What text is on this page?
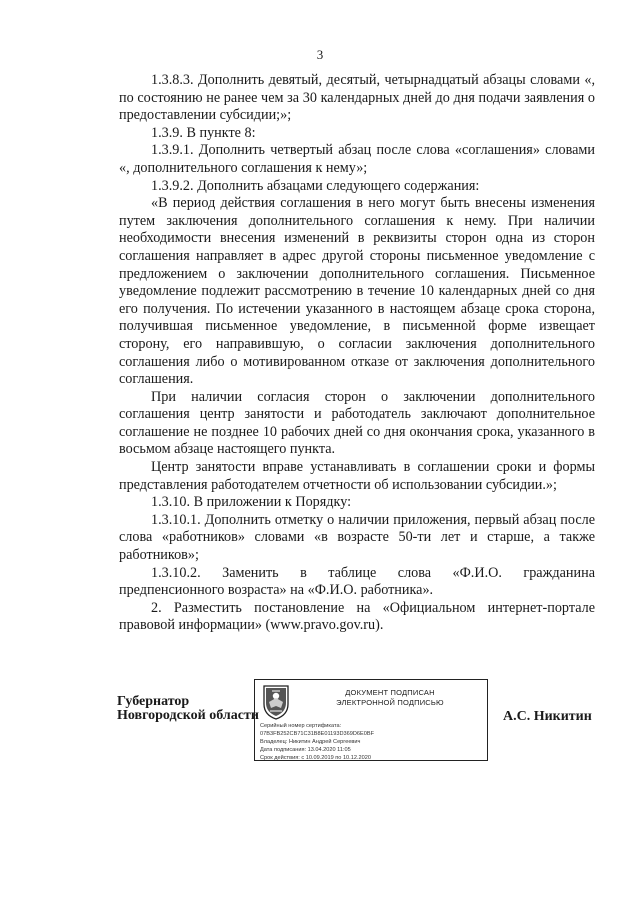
3

1.3.8.3. Дополнить девятый, десятый, четырнадцатый абзацы словами «, по состоянию не ранее чем за 30 календарных дней до дня подачи заявления о предоставлении субсидии;»;

1.3.9. В пункте 8:

1.3.9.1. Дополнить четвертый абзац после слова «соглашения» словами «, дополнительного соглашения к нему»;

1.3.9.2. Дополнить абзацами следующего содержания:

«В период действия соглашения в него могут быть внесены изменения путем заключения дополнительного соглашения к нему. При наличии необходимости внесения изменений в реквизиты сторон одна из сторон соглашения направляет в адрес другой стороны письменное уведомление с предложением о заключении дополнительного соглашения. Письменное уведомление подлежит рассмотрению в течение 10 календарных дней со дня его получения. По истечении указанного в настоящем абзаце срока сторона, получившая письменное уведомление, в письменной форме извещает сторону, его направившую, о согласии заключения дополнительного соглашения либо о мотивированном отказе от заключения дополнительного соглашения.

При наличии согласия сторон о заключении дополнительного соглашения центр занятости и работодатель заключают дополнительное соглашение не позднее 10 рабочих дней со дня окончания срока, указанного в восьмом абзаце настоящего пункта.

Центр занятости вправе устанавливать в соглашении сроки и формы представления работодателем отчетности об использовании субсидии.»;

1.3.10. В приложении к Порядку:

1.3.10.1. Дополнить отметку о наличии приложения, первый абзац после слова «работников» словами «в возрасте 50-ти лет и старше, а также работников»;

1.3.10.2. Заменить в таблице слова «Ф.И.О. гражданина предпенсионного возраста» на «Ф.И.О. работника».

2. Разместить постановление на «Официальном интернет-портале правовой информации» (www.pravo.gov.ru).

Губернатор
Новгородской области
ДОКУМЕНТ ПОДПИСАН
ЭЛЕКТРОННОЙ ПОДПИСЬЮ
Серийный номер сертификата:
07B3FB252CB71C31B8E01193D369D6E0BF
Владелец: Никитин Андрей Сергеевич
Дата подписания: 13.04.2020 11:05
Срок действия: с 10.09.2019 по 10.12.2020
А.С. Никитин
